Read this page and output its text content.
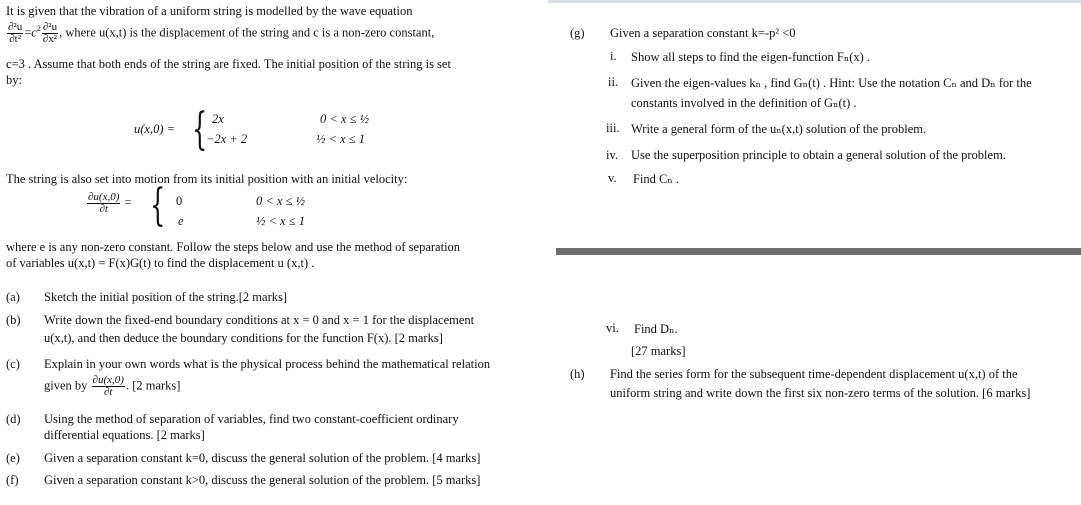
It is given that the vibration of a uniform string is modelled by the wave equation
$\frac{\text{∂²u}}{\text{∂t²}} =c^2 \frac{\text{∂²u}}{\text{∂x²}}$ , where u(x,t) is the displacement of the string and c is a non-zero constant,
c=3 . Assume that both ends of the string are fixed. The initial position of the string is set
by:
u(x,0) = { 2x	0 < x ≤ ½
−2x + 2	½ < x ≤ 1
The string is also set into motion from its initial position with an initial velocity:
$\frac{\partial u(x,0)}{\partial t}$ = { 0	0 < x ≤ ½
e	½ < x ≤ 1
where e is any non-zero constant. Follow the steps below and use the method of separation
of variables u(x,t) = F(x)G(t) to find the displacement u (x,t) .
(a) Sketch the initial position of the string.[2 marks]
(b) Write down the fixed-end boundary conditions at x = 0 and x = 1 for the displacement
u(x,t), and then deduce the boundary conditions for the function F(x). [2 marks]
(c) Explain in your own words what is the physical process behind the mathematical relation
given by $\frac{\partial u(x,0)}{\partial t}$ . [2 marks]
(d) Using the method of separation of variables, find two constant-coefficient ordinary
differential equations. [2 marks]
(e) Given a separation constant k=0, discuss the general solution of the problem. [4 marks]
(f) Given a separation constant k>0, discuss the general solution of the problem. [5 marks]
(g) Given a separation constant k=-p² <0
i. Show all steps to find the eigen-function Fₙ(x) .
ii. Given the eigen-values kₙ , find Gₙ(t) . Hint: Use the notation Cₙ and Dₙ for the
constants involved in the definition of Gₙ(t) .
iii. Write a general form of the uₙ(x,t) solution of the problem.
iv. Use the superposition principle to obtain a general solution of the problem.
v. Find Cₙ .
vi. Find Dₙ.
[27 marks]
(h) Find the series form for the subsequent time-dependent displacement u(x,t) of the
uniform string and write down the first six non-zero terms of the solution. [6 marks]
